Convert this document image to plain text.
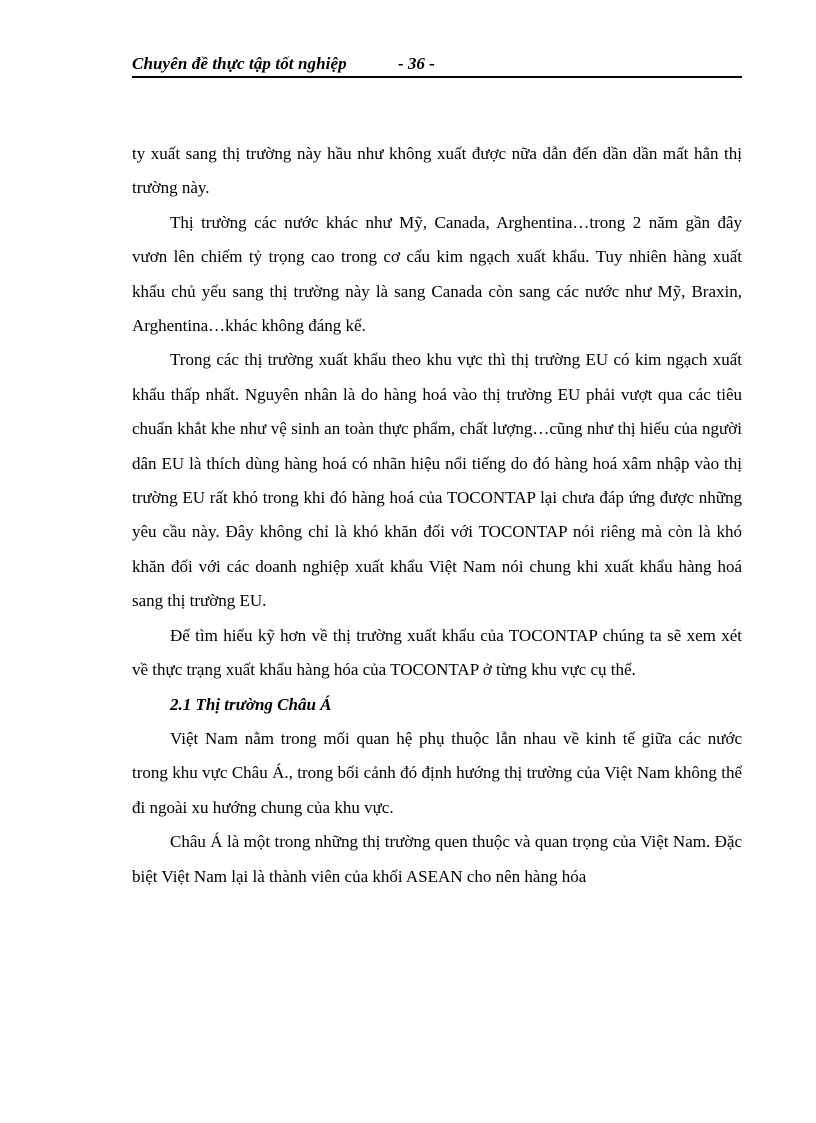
Chuyên đề thực tập tốt nghiệp	- 36 -

ty xuất sang thị trường này hầu như không xuất được nữa dẫn đến dần dần mất hẳn thị trường này.

Thị trường các nước khác như Mỹ, Canada, Arghentina…trong 2 năm gần đây vươn lên chiếm tỷ trọng cao trong cơ cấu kim ngạch xuất khẩu. Tuy nhiên hàng xuất khẩu chủ yếu sang thị trường này là sang Canada còn sang các nước như Mỹ, Braxin, Arghentina…khác không đáng kể.

Trong các thị trường xuất khẩu theo khu vực thì thị trường EU có kim ngạch xuất khẩu thấp nhất. Nguyên nhân là do hàng hoá vào thị trường EU phải vượt qua các tiêu chuẩn khắt khe như vệ sinh an toàn thực phẩm, chất lượng…cũng như thị hiếu của người dân EU là thích dùng hàng hoá có nhãn hiệu nổi tiếng do đó hàng hoá xâm nhập vào thị trường EU rất khó trong khi đó hàng hoá của TOCONTAP lại chưa đáp ứng được những yêu cầu này. Đây không chỉ là khó khăn đối với TOCONTAP nói riêng mà còn là khó khăn đối với các doanh nghiệp xuất khẩu Việt Nam nói chung khi xuất khẩu hàng hoá sang thị trường EU.

Để tìm hiểu kỹ hơn về thị trường xuất khẩu của TOCONTAP chúng ta sẽ xem xét về thực trạng xuất khẩu hàng hóa của TOCONTAP ở từng khu vực cụ thể.

2.1 Thị trường Châu Á

Việt Nam nằm trong mối quan hệ phụ thuộc lẫn nhau về kinh tế giữa các nước trong khu vực Châu Á., trong bối cảnh đó định hướng thị trường của Việt Nam không thể đi ngoài xu hướng chung của khu vực.

Châu Á là một trong những thị trường quen thuộc và quan trọng của Việt Nam. Đặc biệt Việt Nam lại là thành viên của khối ASEAN cho nên hàng hóa
